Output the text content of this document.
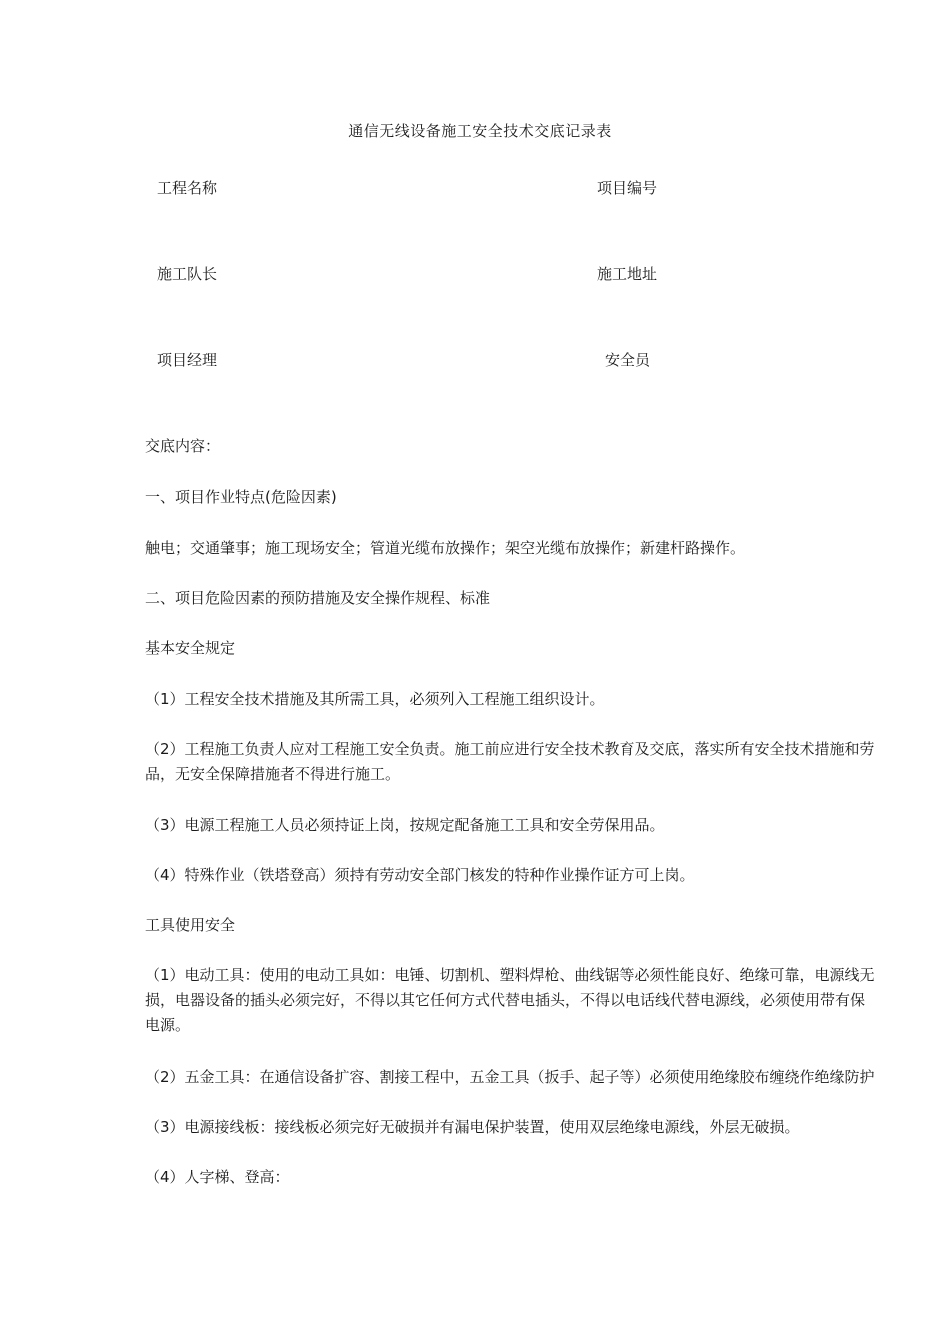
通信无线设备施工安全技术交底记录表
工程名称	项目编号
施工队长	施工地址
项目经理	安全员
交底内容：
一、项目作业特点(危险因素)
触电；交通肇事；施工现场安全；管道光缆布放操作；架空光缆布放操作；新建杆路操作。
二、项目危险因素的预防措施及安全操作规程、标准
基本安全规定
（1）工程安全技术措施及其所需工具，必须列入工程施工组织设计。
（2）工程施工负责人应对工程施工安全负责。施工前应进行安全技术教育及交底，落实所有安全技术措施和劳
品，无安全保障措施者不得进行施工。
（3）电源工程施工人员必须持证上岗，按规定配备施工工具和安全劳保用品。
（4）特殊作业（铁塔登高）须持有劳动安全部门核发的特种作业操作证方可上岗。
工具使用安全
（1）电动工具：使用的电动工具如：电锤、切割机、塑料焊枪、曲线锯等必须性能良好、绝缘可靠，电源线无
损，电器设备的插头必须完好，不得以其它任何方式代替电插头，不得以电话线代替电源线，必须使用带有保
电源。
（2）五金工具：在通信设备扩容、割接工程中，五金工具（扳手、起子等）必须使用绝缘胶布缠绕作绝缘防护
（3）电源接线板：接线板必须完好无破损并有漏电保护装置，使用双层绝缘电源线，外层无破损。
（4）人字梯、登高：
